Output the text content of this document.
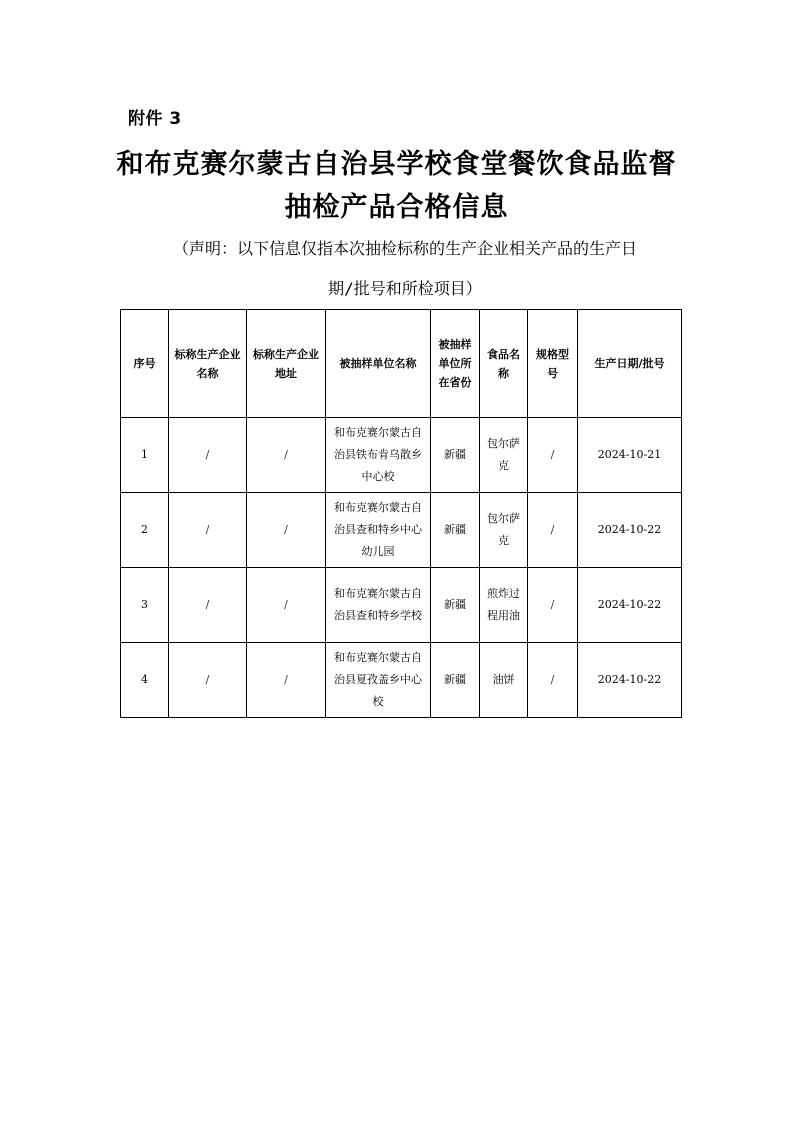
附件 3
和布克赛尔蒙古自治县学校食堂餐饮食品监督
抽检产品合格信息
（声明：以下信息仅指本次抽检标称的生产企业相关产品的生产日
期/批号和所检项目）
序号	标称生产企业名称	标称生产企业地址	被抽样单位名称	被抽样单位所在省份	食品名称	规格型号	生产日期/批号
1	/	/	和布克赛尔蒙古自治县铁布肯乌散乡中心校	新疆	包尔萨克	/	2024-10-21
2	/	/	和布克赛尔蒙古自治县查和特乡中心幼儿园	新疆	包尔萨克	/	2024-10-22
3	/	/	和布克赛尔蒙古自治县查和特乡学校	新疆	煎炸过程用油	/	2024-10-22
4	/	/	和布克赛尔蒙古自治县夏孜盖乡中心校	新疆	油饼	/	2024-10-22
